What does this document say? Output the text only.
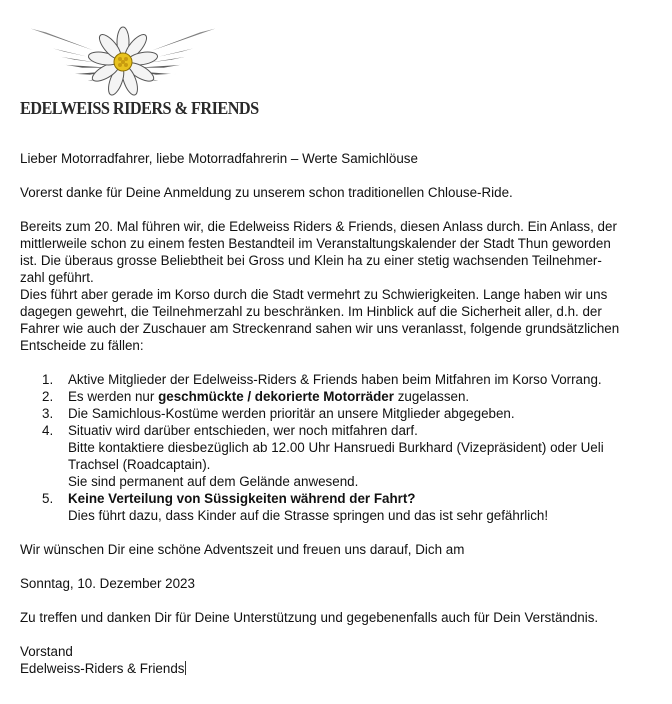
EDELWEISS RIDERS & FRIENDS

Lieber Motorradfahrer, liebe Motorradfahrerin – Werte Samichlöuse

Vorerst danke für Deine Anmeldung zu unserem schon traditionellen Chlouse-Ride.

Bereits zum 20. Mal führen wir, die Edelweiss Riders & Friends, diesen Anlass durch. Ein Anlass, der
mittlerweile schon zu einem festen Bestandteil im Veranstaltungskalender der Stadt Thun geworden
ist. Die überaus grosse Beliebtheit bei Gross und Klein ha zu einer stetig wachsenden Teilnehmer-
zahl geführt.

Dies führt aber gerade im Korso durch die Stadt vermehrt zu Schwierigkeiten. Lange haben wir uns
dagegen gewehrt, die Teilnehmerzahl zu beschränken. Im Hinblick auf die Sicherheit aller, d.h. der
Fahrer wie auch der Zuschauer am Streckenrand sahen wir uns veranlasst, folgende grundsätzlichen
Entscheide zu fällen:

1. Aktive Mitglieder der Edelweiss-Riders & Friends haben beim Mitfahren im Korso Vorrang.
2. Es werden nur geschmückte / dekorierte Motorräder zugelassen.
3. Die Samichlous-Kostüme werden prioritär an unsere Mitglieder abgegeben.
4. Situativ wird darüber entschieden, wer noch mitfahren darf.
Bitte kontaktiere diesbezüglich ab 12.00 Uhr Hansruedi Burkhard (Vizepräsident) oder Ueli
Trachsel (Roadcaptain).
Sie sind permanent auf dem Gelände anwesend.
5. Keine Verteilung von Süssigkeiten während der Fahrt?
Dies führt dazu, dass Kinder auf die Strasse springen und das ist sehr gefährlich!

Wir wünschen Dir eine schöne Adventszeit und freuen uns darauf, Dich am

Sonntag, 10. Dezember 2023

Zu treffen und danken Dir für Deine Unterstützung und gegebenenfalls auch für Dein Verständnis.

Vorstand
Edelweiss-Riders & Friends
